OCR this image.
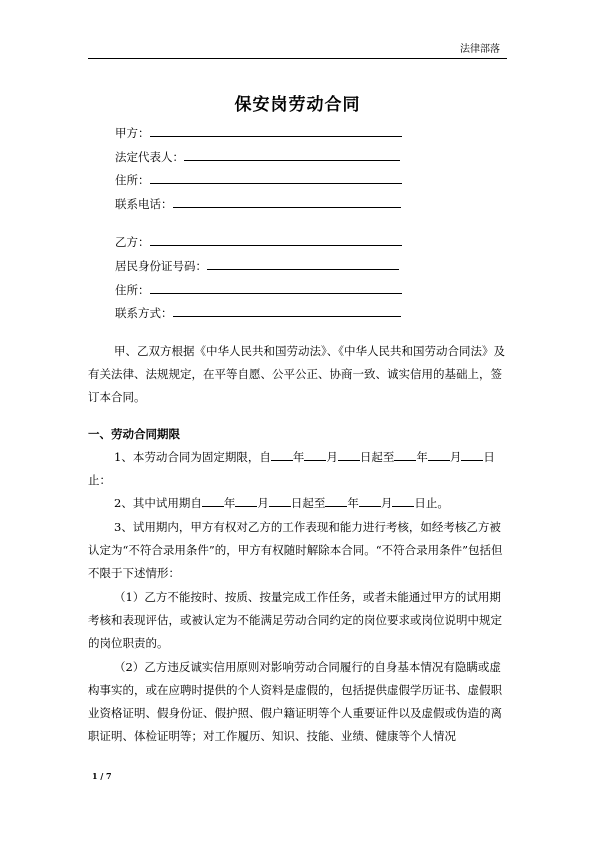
法律部落
保安岗劳动合同
甲方：
法定代表人：
住所：
联系电话：
乙方：
居民身份证号码：
住所：
联系方式：
甲、乙双方根据《中华人民共和国劳动法》、《中华人民共和国劳动合同法》及有关法律、法规规定，在平等自愿、公平公正、协商一致、诚实信用的基础上，签订本合同。
一、劳动合同期限
1、本劳动合同为固定期限，自 年 月 日起至 年 月 日止：
2、其中试用期自 年 月 日起至 年 月 日止。
3、试用期内，甲方有权对乙方的工作表现和能力进行考核，如经考核乙方被认定为“不符合录用条件”的，甲方有权随时解除本合同。“不符合录用条件”包括但不限于下述情形：
（1）乙方不能按时、按质、按量完成工作任务，或者未能通过甲方的试用期考核和表现评估，或被认定为不能满足劳动合同约定的岗位要求或岗位说明中规定的岗位职责的。
（2）乙方违反诚实信用原则对影响劳动合同履行的自身基本情况有隐瞒或虚构事实的，或在应聘时提供的个人资料是虚假的，包括提供虚假学历证书、虚假职业资格证明、假身份证、假护照、假户籍证明等个人重要证件以及虚假或伪造的离职证明、体检证明等；对工作履历、知识、技能、业绩、健康等个人情况
1 / 7
